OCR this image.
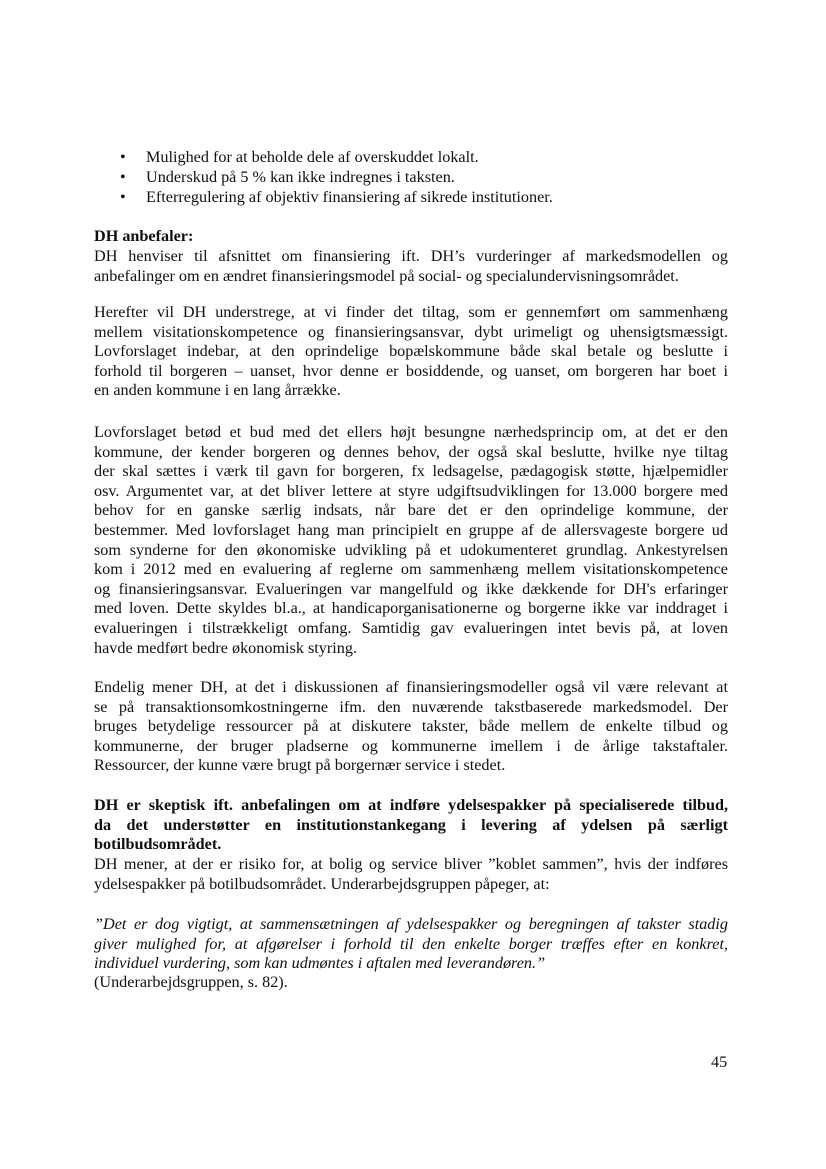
•	Mulighed for at beholde dele af overskuddet lokalt.
•	Underskud på 5 % kan ikke indregnes i taksten.
•	Efterregulering af objektiv finansiering af sikrede institutioner.
DH anbefaler:
DH henviser til afsnittet om finansiering ift. DH’s vurderinger af markedsmodellen og
anbefalinger om en ændret finansieringsmodel på social- og specialundervisningsområdet.
Herefter vil DH understrege, at vi finder det tiltag, som er gennemført om sammenhæng
mellem visitationskompetence og finansieringsansvar, dybt urimeligt og uhensigtsmæssigt.
Lovforslaget indebar, at den oprindelige bopælskommune både skal betale og beslutte i
forhold til borgeren – uanset, hvor denne er bosiddende, og uanset, om borgeren har boet i
en anden kommune i en lang årrække.
Lovforslaget betød et bud med det ellers højt besungne nærhedsprincip om, at det er den
kommune, der kender borgeren og dennes behov, der også skal beslutte, hvilke nye tiltag
der skal sættes i værk til gavn for borgeren, fx ledsagelse, pædagogisk støtte, hjælpemidler
osv. Argumentet var, at det bliver lettere at styre udgiftsudviklingen for 13.000 borgere med
behov for en ganske særlig indsats, når bare det er den oprindelige kommune, der
bestemmer. Med lovforslaget hang man principielt en gruppe af de allersvageste borgere ud
som synderne for den økonomiske udvikling på et udokumenteret grundlag. Ankestyrelsen
kom i 2012 med en evaluering af reglerne om sammenhæng mellem visitationskompetence
og finansieringsansvar. Evalueringen var mangelfuld og ikke dækkende for DH's erfaringer
med loven. Dette skyldes bl.a., at handicaporganisationerne og borgerne ikke var inddraget i
evalueringen i tilstrækkeligt omfang. Samtidig gav evalueringen intet bevis på, at loven
havde medført bedre økonomisk styring.
Endelig mener DH, at det i diskussionen af finansieringsmodeller også vil være relevant at
se på transaktionsomkostningerne ifm. den nuværende takstbaserede markedsmodel. Der
bruges betydelige ressourcer på at diskutere takster, både mellem de enkelte tilbud og
kommunerne, der bruger pladserne og kommunerne imellem i de årlige takstaftaler.
Ressourcer, der kunne være brugt på borgernær service i stedet.
DH er skeptisk ift. anbefalingen om at indføre ydelsespakker på specialiserede tilbud,
da det understøtter en institutionstankegang i levering af ydelsen på særligt
botilbudsområdet.
DH mener, at der er risiko for, at bolig og service bliver ”koblet sammen”, hvis der indføres
ydelsespakker på botilbudsområdet. Underarbejdsgruppen påpeger, at:
”Det er dog vigtigt, at sammensætningen af ydelsespakker og beregningen af takster stadig
giver mulighed for, at afgørelser i forhold til den enkelte borger træffes efter en konkret,
individuel vurdering, som kan udmøntes i aftalen med leverandøren.”
(Underarbejdsgruppen, s. 82).
45
